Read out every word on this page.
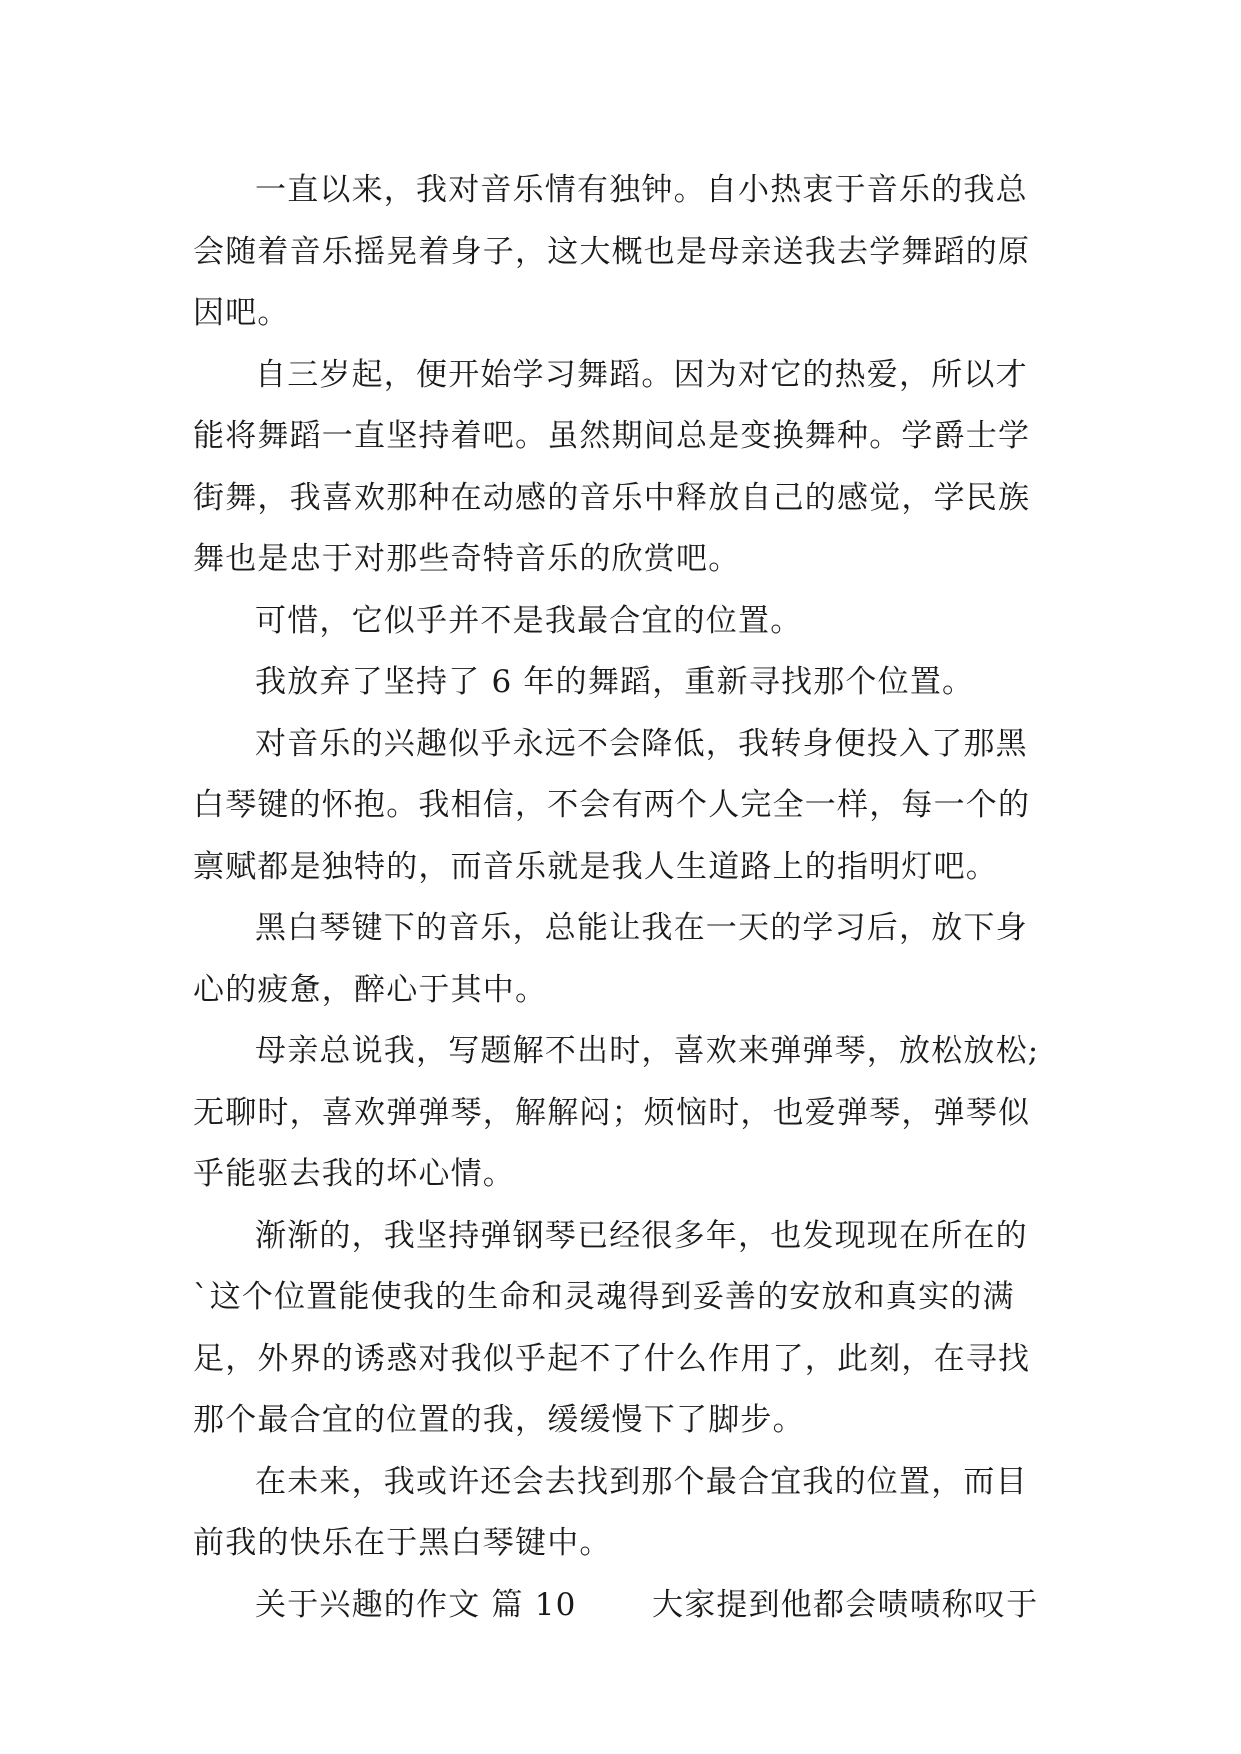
一直以来，我对音乐情有独钟。自小热衷于音乐的我总
会随着音乐摇晃着身子，这大概也是母亲送我去学舞蹈的原
因吧。

自三岁起，便开始学习舞蹈。因为对它的热爱，所以才
能将舞蹈一直坚持着吧。虽然期间总是变换舞种。学爵士学
街舞，我喜欢那种在动感的音乐中释放自己的感觉，学民族
舞也是忠于对那些奇特音乐的欣赏吧。

可惜，它似乎并不是我最合宜的位置。

我放弃了坚持了 6 年的舞蹈，重新寻找那个位置。

对音乐的兴趣似乎永远不会降低，我转身便投入了那黑
白琴键的怀抱。我相信，不会有两个人完全一样，每一个的
禀赋都是独特的，而音乐就是我人生道路上的指明灯吧。

黑白琴键下的音乐，总能让我在一天的学习后，放下身
心的疲惫，醉心于其中。

母亲总说我，写题解不出时，喜欢来弹弹琴，放松放松;
无聊时，喜欢弹弹琴，解解闷；烦恼时，也爱弹琴，弹琴似
乎能驱去我的坏心情。

渐渐的，我坚持弹钢琴已经很多年，也发现现在所在的
`这个位置能使我的生命和灵魂得到妥善的安放和真实的满
足，外界的诱惑对我似乎起不了什么作用了，此刻，在寻找
那个最合宜的位置的我，缓缓慢下了脚步。

在未来，我或许还会去找到那个最合宜我的位置，而目
前我的快乐在于黑白琴键中。

关于兴趣的作文 篇 10　　 大家提到他都会啧啧称叹于
